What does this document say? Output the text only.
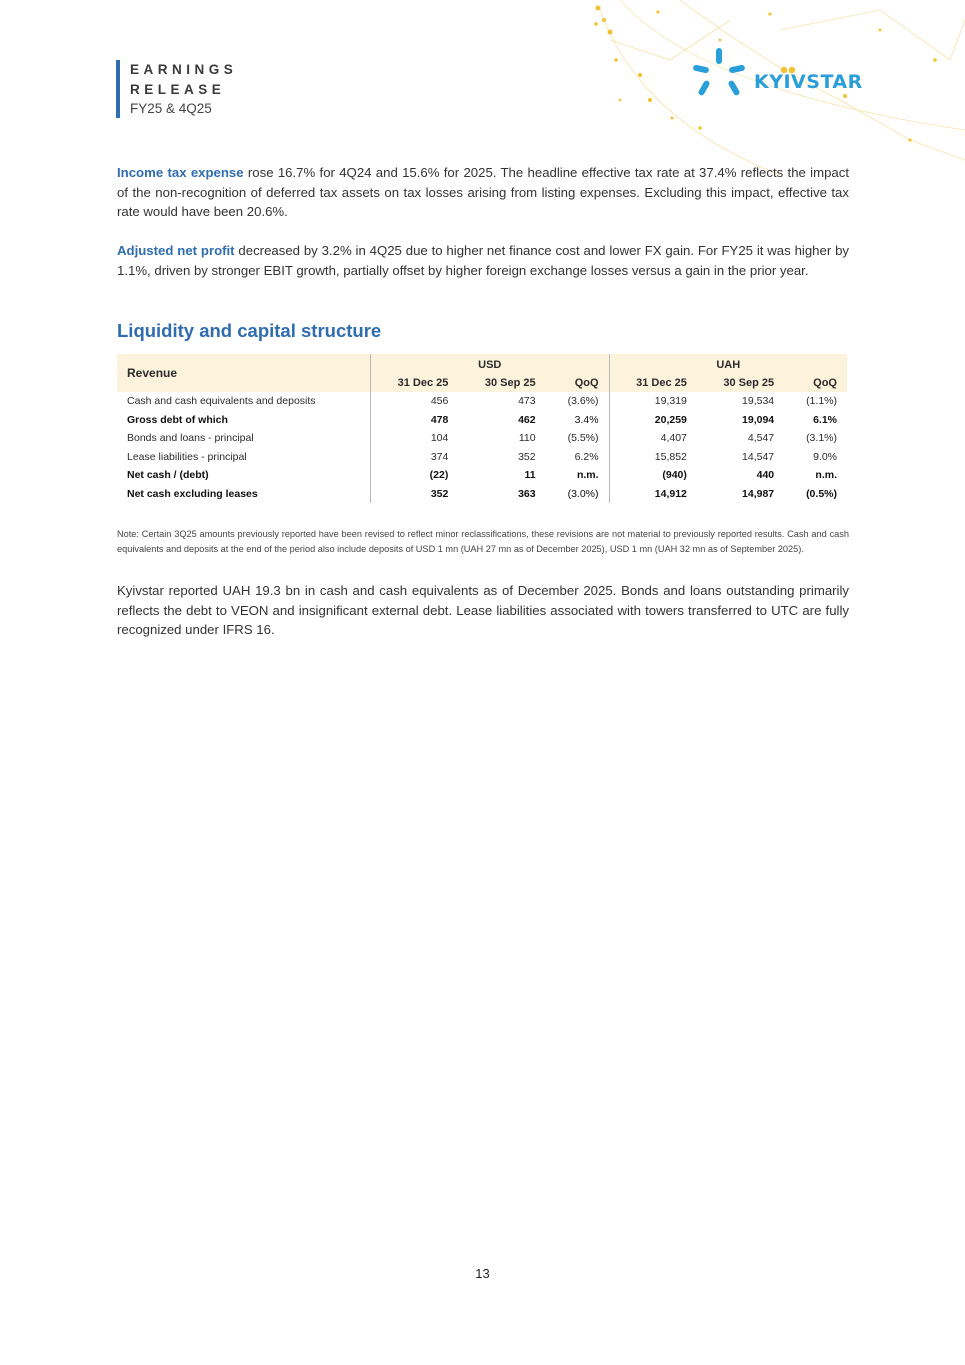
EARNINGS
RELEASE
FY25 & 4Q25
KYIVSTAR
Income tax expense rose 16.7% for 4Q24 and 15.6% for 2025. The headline effective tax rate at 37.4% reflects the impact of the non-recognition of deferred tax assets on tax losses arising from listing expenses. Excluding this impact, effective tax rate would have been 20.6%.
Adjusted net profit decreased by 3.2% in 4Q25 due to higher net finance cost and lower FX gain. For FY25 it was higher by 1.1%, driven by stronger EBIT growth, partially offset by higher foreign exchange losses versus a gain in the prior year.
Liquidity and capital structure
Revenue	USD			UAH		
	31 Dec 25	30 Sep 25	QoQ	31 Dec 25	30 Sep 25	QoQ
Cash and cash equivalents and deposits	456	473	(3.6%)	19,319	19,534	(1.1%)
Gross debt of which	478	462	3.4%	20,259	19,094	6.1%
Bonds and loans - principal	104	110	(5.5%)	4,407	4,547	(3.1%)
Lease liabilities - principal	374	352	6.2%	15,852	14,547	9.0%
Net cash / (debt)	(22)	11	n.m.	(940)	440	n.m.
Net cash excluding leases	352	363	(3.0%)	14,912	14,987	(0.5%)
Note: Certain 3Q25 amounts previously reported have been revised to reflect minor reclassifications, these revisions are not material to previously reported results. Cash and cash equivalents and deposits at the end of the period also include deposits of USD 1 mn (UAH 27 mn as of December 2025), USD 1 mn (UAH 32 mn as of September 2025).
Kyivstar reported UAH 19.3 bn in cash and cash equivalents as of December 2025. Bonds and loans outstanding primarily reflects the debt to VEON and insignificant external debt. Lease liabilities associated with towers transferred to UTC are fully recognized under IFRS 16.
13
